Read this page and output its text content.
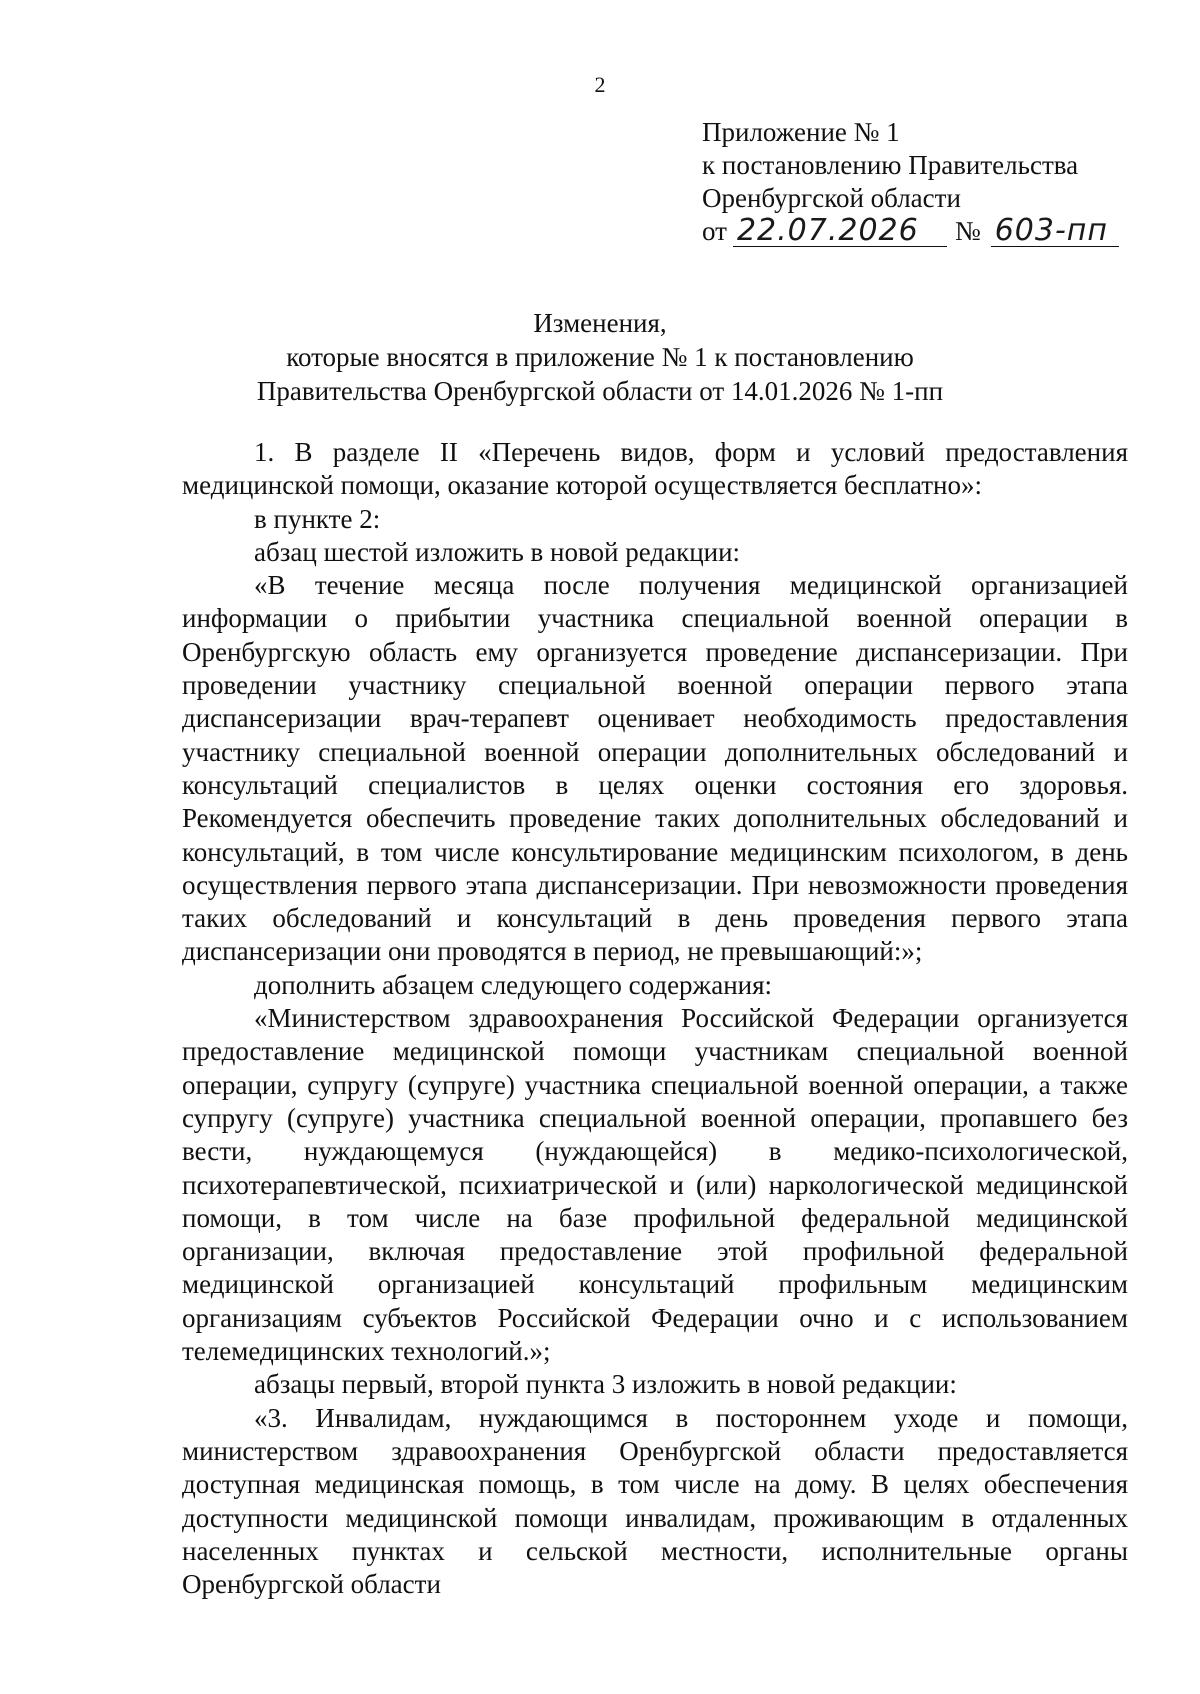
2
Приложение № 1
к постановлению Правительства
Оренбургской области
от 22.07.2026	№ 603-пп
Изменения,
которые вносятся в приложение № 1 к постановлению
Правительства Оренбургской области от 14.01.2026 № 1-пп

1. В разделе II «Перечень видов, форм и условий предоставления медицинской помощи, оказание которой осуществляется бесплатно»:

в пункте 2:

абзац шестой изложить в новой редакции:

«В течение месяца после получения медицинской организацией информации о прибытии участника специальной военной операции в Оренбургскую область ему организуется проведение диспансеризации. При проведении участнику специальной военной операции первого этапа диспансеризации врач-терапевт оценивает необходимость предоставления участнику специальной военной операции дополнительных обследований и консультаций специалистов в целях оценки состояния его здоровья. Рекомендуется обеспечить проведение таких дополнительных обследований и консультаций, в том числе консультирование медицинским психологом, в день осуществления первого этапа диспансеризации. При невозможности проведения таких обследований и консультаций в день проведения первого этапа диспансеризации они проводятся в период, не превышающий:»;

дополнить абзацем следующего содержания:

«Министерством здравоохранения Российской Федерации организуется предоставление медицинской помощи участникам специальной военной операции, супругу (супруге) участника специальной военной операции, а также супругу (супруге) участника специальной военной операции, пропавшего без вести, нуждающемуся (нуждающейся) в медико-психологической, психотерапевтической, психиатрической и (или) наркологической медицинской помощи, в том числе на базе профильной федеральной медицинской организации, включая предоставление этой профильной федеральной медицинской организацией консультаций профильным медицинским организациям субъектов Российской Федерации очно и с использованием телемедицинских технологий.»;

абзацы первый, второй пункта 3 изложить в новой редакции:

«3. Инвалидам, нуждающимся в постороннем уходе и помощи, министерством здравоохранения Оренбургской области предоставляется доступная медицинская помощь, в том числе на дому. В целях обеспечения доступности медицинской помощи инвалидам, проживающим в отдаленных населенных пунктах и сельской местности, исполнительные органы Оренбургской области
